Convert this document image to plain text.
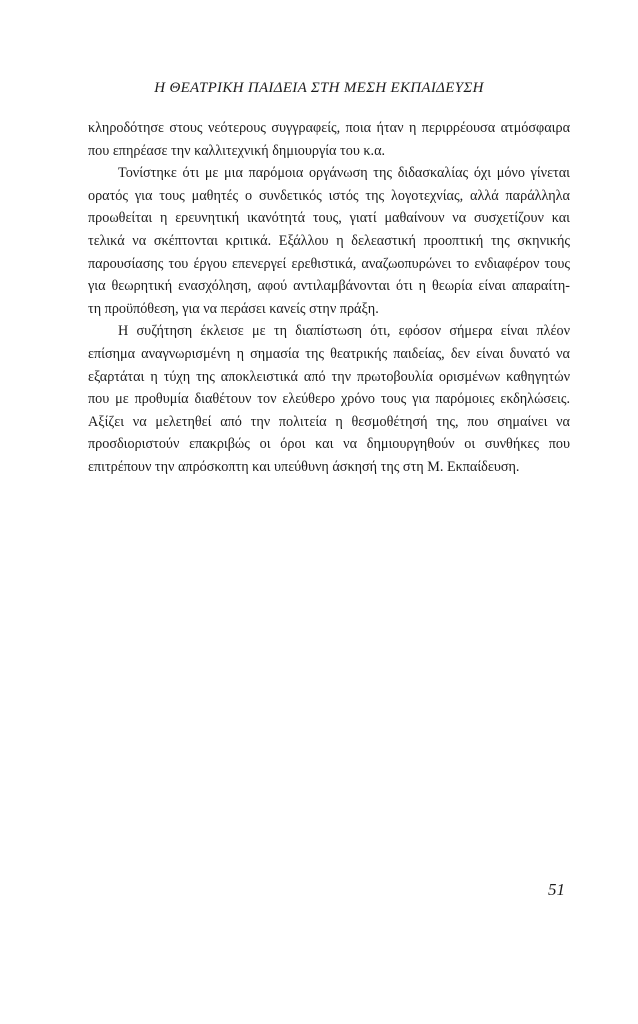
Η ΘΕΑΤΡΙΚΗ ΠΑΙΔΕΙΑ ΣΤΗ ΜΕΣΗ ΕΚΠΑΙΔΕΥΣΗ
κληροδότησε στους νεότερους συγγραφείς, ποια ήταν η περιρρέουσα ατμόσφαιρα
που επηρέασε την καλλιτεχνική δημιουργία του κ.α.
Τονίστηκε ότι με μια παρόμοια οργάνωση της διδασκαλίας όχι μόνο γίνεται
ορατός για τους μαθητές ο συνδετικός ιστός της λογοτεχνίας, αλλά παράλληλα
προωθείται η ερευνητική ικανότητά τους, γιατί μαθαίνουν να συσχετίζουν και
τελικά να σκέπτονται κριτικά. Εξάλλου η δελεαστική προοπτική της σκηνικής
παρουσίασης του έργου επενεργεί ερεθιστικά, αναζωοπυρώνει το ενδιαφέρον τους
για θεωρητική ενασχόληση, αφού αντιλαμβάνονται ότι η θεωρία είναι απαραίτη-
τη προϋπόθεση, για να περάσει κανείς στην πράξη.
Η συζήτηση έκλεισε με τη διαπίστωση ότι, εφόσον σήμερα είναι πλέον
επίσημα αναγνωρισμένη η σημασία της θεατρικής παιδείας, δεν είναι δυνατό να
εξαρτάται η τύχη της αποκλειστικά από την πρωτοβουλία ορισμένων καθηγητών
που με προθυμία διαθέτουν τον ελεύθερο χρόνο τους για παρόμοιες εκδηλώσεις.
Αξίζει να μελετηθεί από την πολιτεία η θεσμοθέτησή της, που σημαίνει να
προσδιοριστούν επακριβώς οι όροι και να δημιουργηθούν οι συνθήκες που
επιτρέπουν την απρόσκοπτη και υπεύθυνη άσκησή της στη Μ. Εκπαίδευση.
51
